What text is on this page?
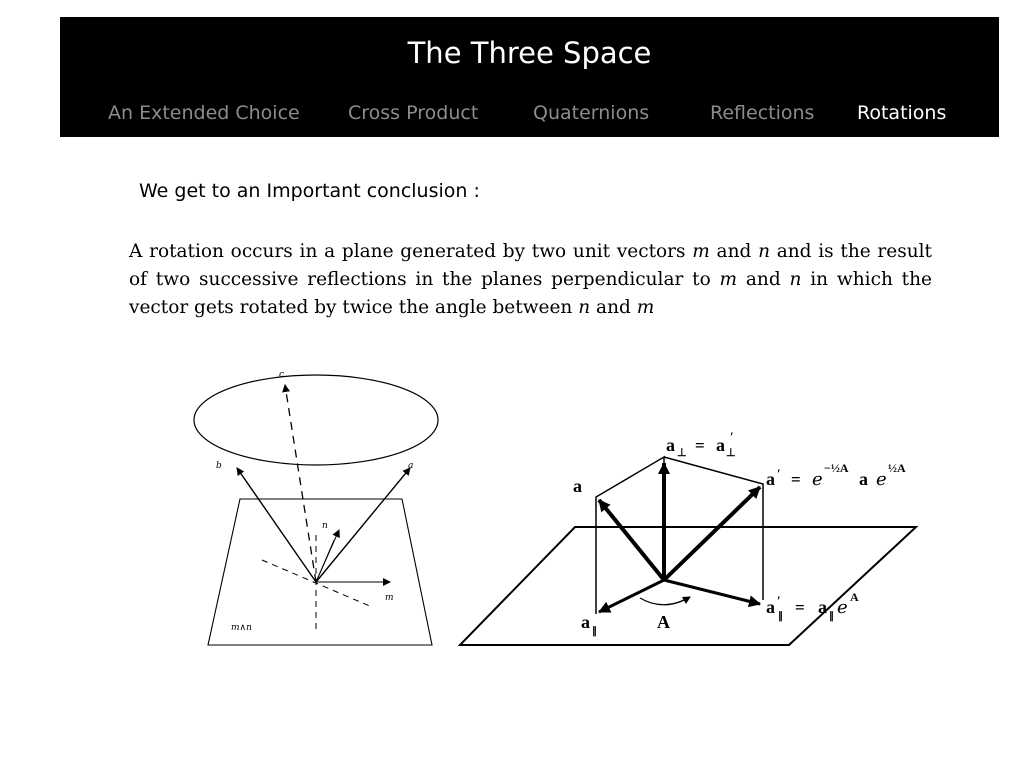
The Three Space
An Extended Choice	Cross Product	Quaternions	Reflections Rotations
We get to an Important conclusion :
A rotation occurs in a plane generated by two unit vectors m and n and is the result of two successive reflections in the planes perpendicular to m and n in which the vector gets rotated by twice the angle between n and m
c
b	a
n
m
m∧n
a ⊥ = a ⊥
′
a	a ′ = e
−½A
a e
½A
a ′
∥ = a ∥ e A
a ∥	A
